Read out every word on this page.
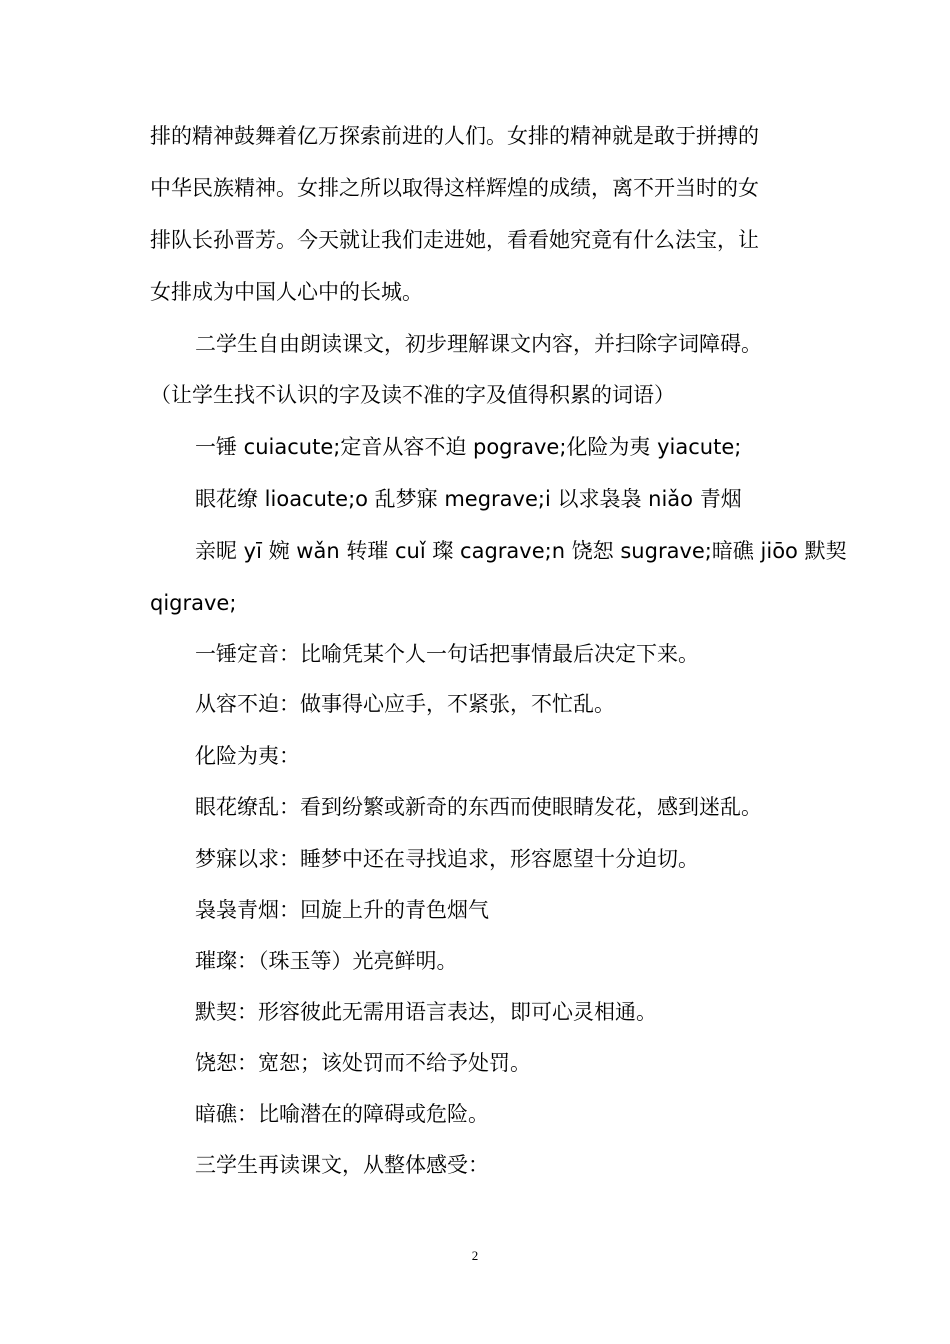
排的精神鼓舞着亿万探索前进的人们。女排的精神就是敢于拼搏的
中华民族精神。女排之所以取得这样辉煌的成绩，离不开当时的女
排队长孙晋芳。今天就让我们走进她，看看她究竟有什么法宝，让
女排成为中国人心中的长城。
二学生自由朗读课文，初步理解课文内容，并扫除字词障碍。
（让学生找不认识的字及读不准的字及值得积累的词语）
一锤 cuiacute;定音从容不迫 pograve;化险为夷 yiacute;
眼花缭 lioacute;o 乱梦寐 megrave;i 以求袅袅 niǎo 青烟
亲昵 yī 婉 wǎn 转璀 cuǐ 璨 cagrave;n 饶恕 sugrave;暗礁 jiōo 默契
qigrave;
一锤定音：比喻凭某个人一句话把事情最后决定下来。
从容不迫：做事得心应手，不紧张，不忙乱。
化险为夷：
眼花缭乱：看到纷繁或新奇的东西而使眼睛发花，感到迷乱。
梦寐以求：睡梦中还在寻找追求，形容愿望十分迫切。
袅袅青烟：回旋上升的青色烟气
璀璨：（珠玉等）光亮鲜明。
默契：形容彼此无需用语言表达，即可心灵相通。
饶恕：宽恕；该处罚而不给予处罚。
暗礁：比喻潜在的障碍或危险。
三学生再读课文，从整体感受：
2
